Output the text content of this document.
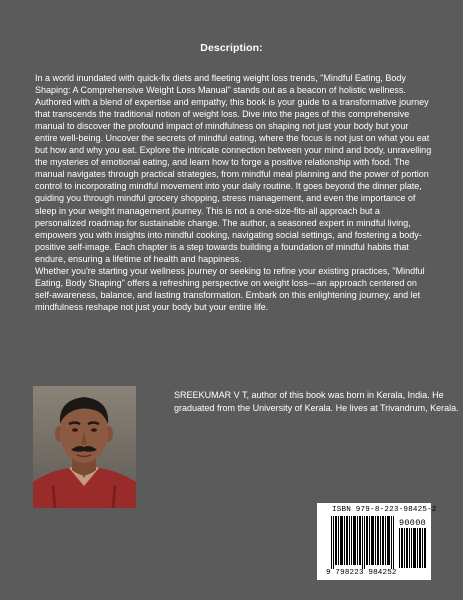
Description:

In a world inundated with quick-fix diets and fleeting weight loss trends, "Mindful Eating, Body Shaping: A Comprehensive Weight Loss Manual" stands out as a beacon of holistic wellness. Authored with a blend of expertise and empathy, this book is your guide to a transformative journey that transcends the traditional notion of weight loss. Dive into the pages of this comprehensive manual to discover the profound impact of mindfulness on shaping not just your body but your entire well-being. Uncover the secrets of mindful eating, where the focus is not just on what you eat but how and why you eat. Explore the intricate connection between your mind and body, unravelling the mysteries of emotional eating, and learn how to forge a positive relationship with food. The manual navigates through practical strategies, from mindful meal planning and the power of portion control to incorporating mindful movement into your daily routine. It goes beyond the dinner plate, guiding you through mindful grocery shopping, stress management, and even the importance of sleep in your weight management journey. This is not a one-size-fits-all approach but a personalized roadmap for sustainable change. The author, a seasoned expert in mindful living, empowers you with insights into mindful cooking, navigating social settings, and fostering a body-positive self-image. Each chapter is a step towards building a foundation of mindful habits that endure, ensuring a lifetime of health and happiness.

Whether you're starting your wellness journey or seeking to refine your existing practices, "Mindful Eating, Body Shaping" offers a refreshing perspective on weight loss—an approach centered on self-awareness, balance, and lasting transformation. Embark on this enlightening journey, and let mindfulness reshape not just your body but your entire life.

SREEKUMAR V T, author of this book was born in Kerala, India. He graduated from the University of Kerala. He lives at Trivandrum, Kerala.
ISBN 979-8-223-98425-2
90000
9 798223 984252
